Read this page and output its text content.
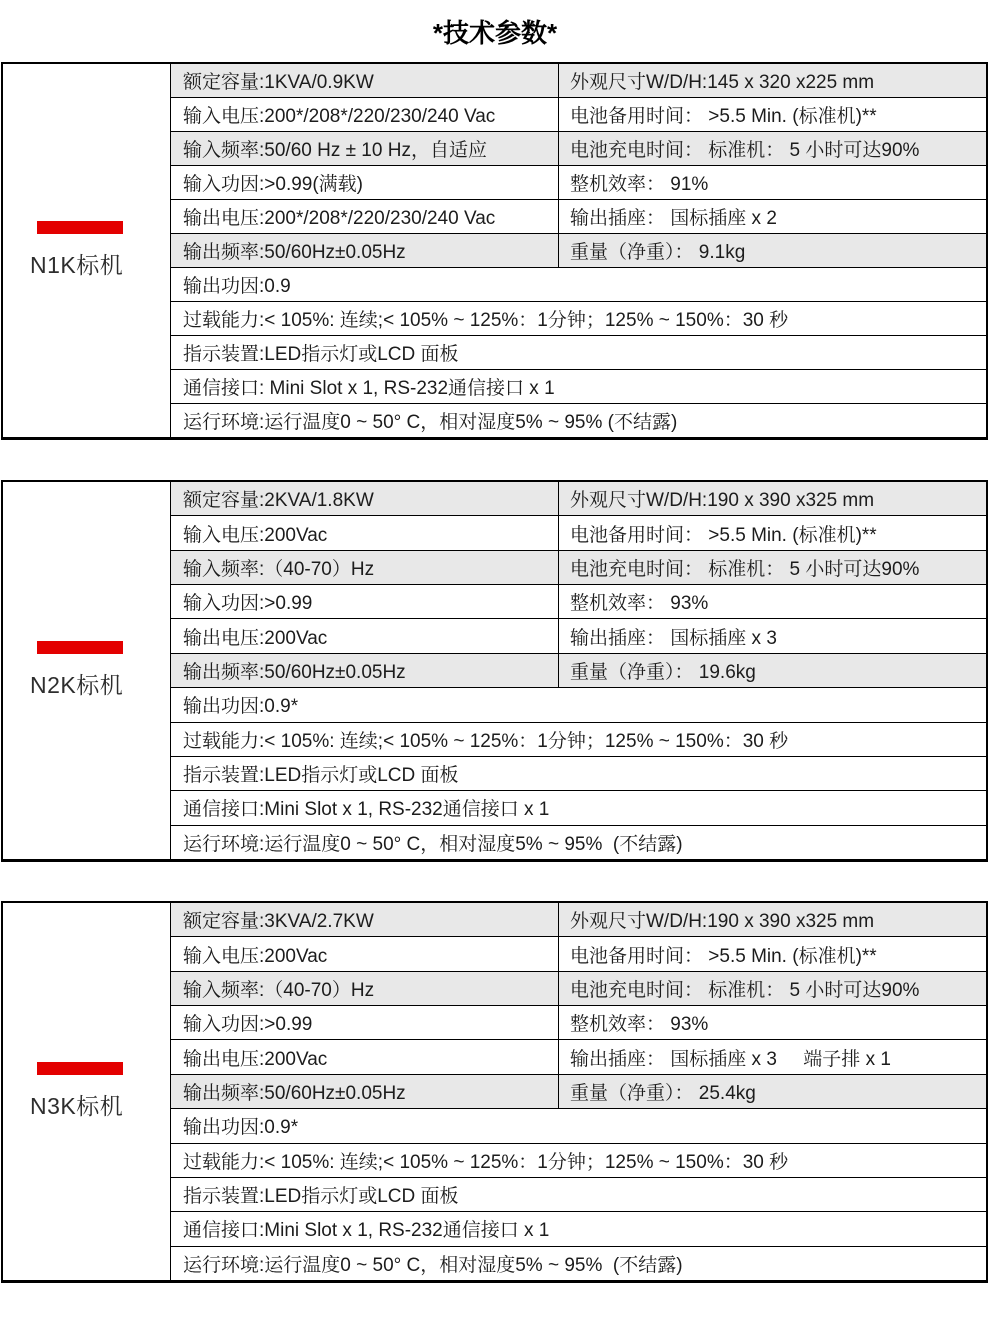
*技术参数*
N1K标机
额定容量:1KVA/0.9KW	外观尺寸W/D/H:145 x 320 x225 mm
输入电压:200*/208*/220/230/240 Vac	电池备用时间： >5.5 Min. (标准机)**
输入频率:50/60 Hz ± 10 Hz，自适应	电池充电时间： 标准机： 5 小时可达90%
输入功因:>0.99(满载)	整机效率： 91%
输出电压:200*/208*/220/230/240 Vac	输出插座： 国标插座 x 2
输出频率:50/60Hz±0.05Hz	重量（净重）： 9.1kg
输出功因:0.9
过载能力:< 105%: 连续;< 105% ~ 125%：1分钟；125% ~ 150%：30 秒
指示装置:LED指示灯或LCD 面板
通信接口: Mini Slot x 1, RS-232通信接口 x 1
运行环境:运行温度0 ~ 50° C，相对湿度5% ~ 95% (不结露)
N2K标机
额定容量:2KVA/1.8KW	外观尺寸W/D/H:190 x 390 x325 mm
输入电压:200Vac	电池备用时间： >5.5 Min. (标准机)**
输入频率:（40-70）Hz	电池充电时间： 标准机： 5 小时可达90%
输入功因:>0.99	整机效率： 93%
输出电压:200Vac	输出插座： 国标插座 x 3
输出频率:50/60Hz±0.05Hz	重量（净重）： 19.6kg
输出功因:0.9*
过载能力:< 105%: 连续;< 105% ~ 125%：1分钟；125% ~ 150%：30 秒
指示装置:LED指示灯或LCD 面板
通信接口:Mini Slot x 1, RS-232通信接口 x 1
运行环境:运行温度0 ~ 50° C，相对湿度5% ~ 95%  (不结露)
N3K标机
额定容量:3KVA/2.7KW	外观尺寸W/D/H:190 x 390 x325 mm
输入电压:200Vac	电池备用时间： >5.5 Min. (标准机)**
输入频率:（40-70）Hz	电池充电时间： 标准机： 5 小时可达90%
输入功因:>0.99	整机效率： 93%
输出电压:200Vac	输出插座： 国标插座 x 3     端子排 x 1
输出频率:50/60Hz±0.05Hz	重量（净重）： 25.4kg
输出功因:0.9*
过载能力:< 105%: 连续;< 105% ~ 125%：1分钟；125% ~ 150%：30 秒
指示装置:LED指示灯或LCD 面板
通信接口:Mini Slot x 1, RS-232通信接口 x 1
运行环境:运行温度0 ~ 50° C，相对湿度5% ~ 95%  (不结露)
